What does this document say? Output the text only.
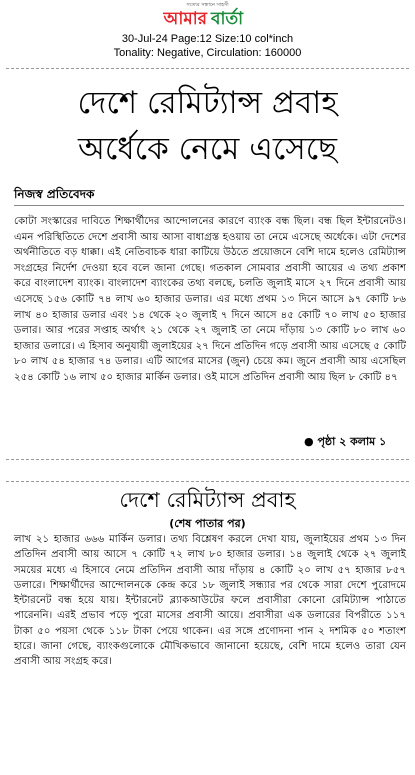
সত্যের সন্ধানে সাহসী
আমার বার্তা
30-Jul-24 Page:12 Size:10 col*inch
Tonality: Negative, Circulation: 160000
দেশে রেমিট্যান্স প্রবাহ
অর্ধেকে নেমে এসেছে
নিজস্ব প্রতিবেদক
কোটা সংস্কারের দাবিতে শিক্ষার্থীদের আন্দোলনের কারণে ব্যাংক বন্ধ ছিল। বন্ধ ছিল ইন্টারনেটও। এমন পরিস্থিতিতে দেশে প্রবাসী আয় আসা বাধাগ্রস্ত হওয়ায় তা নেমে এসেছে অর্ধেকে। এটা দেশের অর্থনীতিতে বড় ধাক্কা। এই নেতিবাচক ধারা কাটিয়ে উঠতে প্রয়োজনে বেশি দামে হলেও রেমিট্যান্স সংগ্রহের নির্দেশ দেওয়া হবে বলে জানা গেছে। গতকাল সোমবার প্রবাসী আয়ের এ তথ্য প্রকাশ করে বাংলাদেশ ব্যাংক। বাংলাদেশ ব্যাংকের তথ্য বলছে, চলতি জুলাই মাসে ২৭ দিনে প্রবাসী আয় এসেছে ১৫৬ কোটি ৭৪ লাখ ৬০ হাজার ডলার। এর মধ্যে প্রথম ১৩ দিনে আসে ৯৭ কোটি ৮৬ লাখ ৪০ হাজার ডলার এবং ১৪ থেকে ২০ জুলাই ৭ দিনে আসে ৪৫ কোটি ৭০ লাখ ৫০ হাজার ডলার। আর পরের সপ্তাহ অর্থাৎ ২১ থেকে ২৭ জুলাই তা নেমে দাঁড়ায় ১৩ কোটি ৮০ লাখ ৬০ হাজার ডলারে। এ হিসাব অনুযায়ী জুলাইয়ের ২৭ দিনে প্রতিদিন গড়ে প্রবাসী আয় এসেছে ৫ কোটি ৮০ লাখ ৫৪ হাজার ৭৪ ডলার। এটি আগের মাসের (জুন) চেয়ে কম। জুনে প্রবাসী আয় এসেছিল ২৫৪ কোটি ১৬ লাখ ৫০ হাজার মার্কিন ডলার। ওই মাসে প্রতিদিন প্রবাসী আয় ছিল ৮ কোটি ৪৭
● পৃষ্ঠা ২ কলাম ১
দেশে রেমিট্যান্স প্রবাহ
(শেষ পাতার পর)
লাখ ২১ হাজার ৬৬৬ মার্কিন ডলার। তথ্য বিশ্লেষণ করলে দেখা যায়, জুলাইয়ের প্রথম ১৩ দিন প্রতিদিন প্রবাসী আয় আসে ৭ কোটি ৭২ লাখ ৮০ হাজার ডলার। ১৪ জুলাই থেকে ২৭ জুলাই সময়ের মধ্যে এ হিসাবে নেমে প্রতিদিন প্রবাসী আয় দাঁড়ায় ৪ কোটি ২০ লাখ ৫৭ হাজার ৮৫৭ ডলারে। শিক্ষার্থীদের আন্দোলনকে কেন্দ্র করে ১৮ জুলাই সন্ধ্যার পর থেকে সারা দেশে পুরোদমে ইন্টারনেট বন্ধ হয়ে যায়। ইন্টারনেট ব্ল্যাকআউটের ফলে প্রবাসীরা কোনো রেমিট্যান্স পাঠাতে পারেননি। এরই প্রভাব পড়ে পুরো মাসের প্রবাসী আয়ে। প্রবাসীরা এক ডলারের বিপরীতে ১১৭ টাকা ৫০ পয়সা থেকে ১১৮ টাকা পেয়ে থাকেন। এর সঙ্গে প্রণোদনা পান ২ দশমিক ৫০ শতাংশ হারে। জানা গেছে, ব্যাংকগুলোকে মৌখিকভাবে জানানো হয়েছে, বেশি দামে হলেও তারা যেন প্রবাসী আয় সংগ্রহ করে।
